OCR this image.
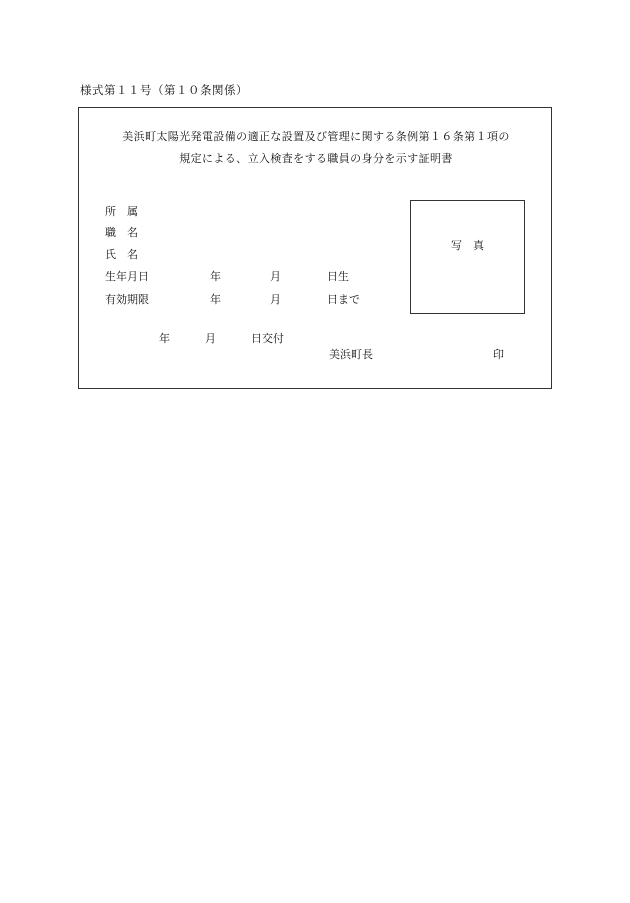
様式第１１号（第１０条関係）
美浜町太陽光発電設備の適正な設置及び管理に関する条例第１６条第１項の
規定による、立入検査をする職員の身分を示す証明書
所　属
職　名
氏　名
生年月日	年	月	日生
有効期限	年	月	日まで
写　真
年	月	日交付
美浜町長	印
